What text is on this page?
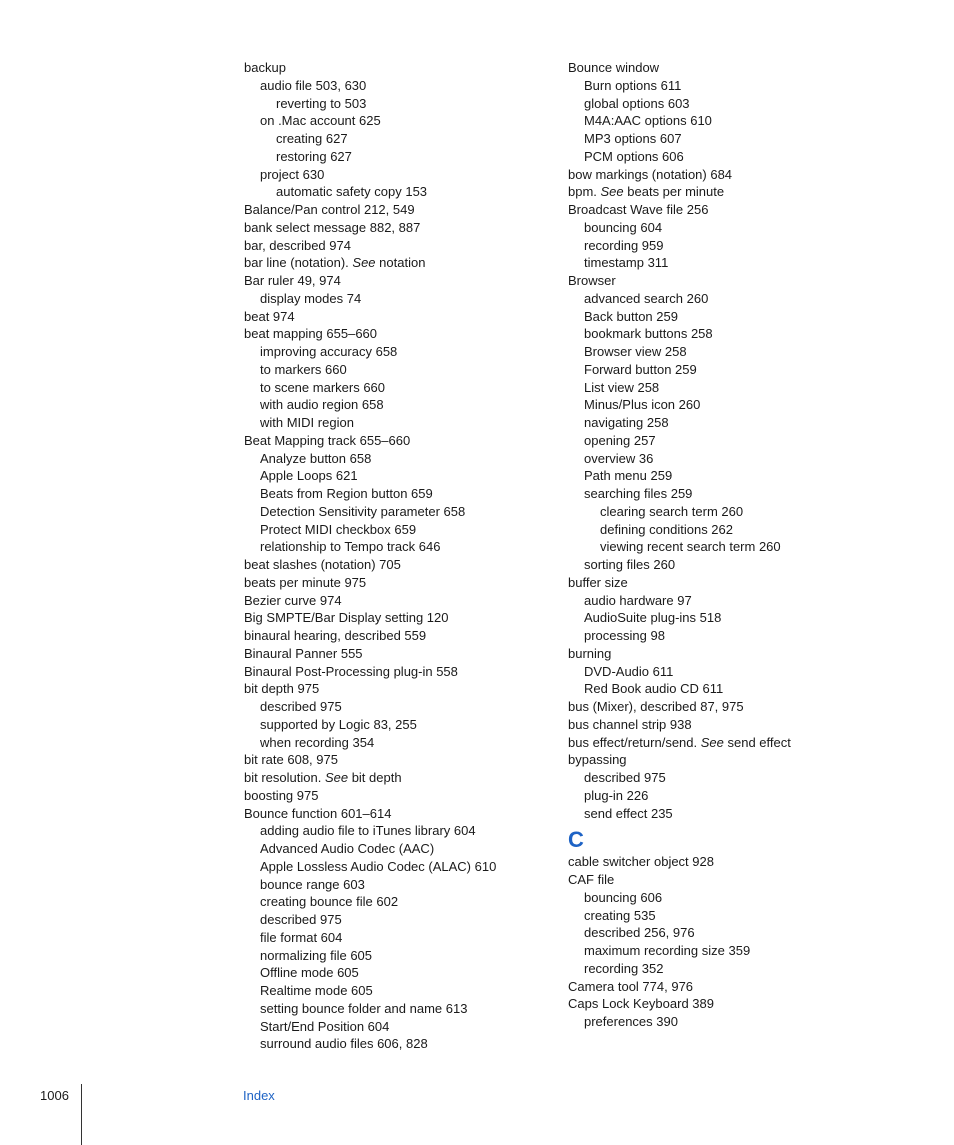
backup
audio file 503, 630
reverting to 503
on .Mac account 625
creating 627
restoring 627
project 630
automatic safety copy 153
Balance/Pan control 212, 549
bank select message 882, 887
bar, described 974
bar line (notation). See notation
Bar ruler 49, 974
display modes 74
beat 974
beat mapping 655–660
improving accuracy 658
to markers 660
to scene markers 660
with audio region 658
with MIDI region
Beat Mapping track 655–660
Analyze button 658
Apple Loops 621
Beats from Region button 659
Detection Sensitivity parameter 658
Protect MIDI checkbox 659
relationship to Tempo track 646
beat slashes (notation) 705
beats per minute 975
Bezier curve 974
Big SMPTE/Bar Display setting 120
binaural hearing, described 559
Binaural Panner 555
Binaural Post-Processing plug-in 558
bit depth 975
described 975
supported by Logic 83, 255
when recording 354
bit rate 608, 975
bit resolution. See bit depth
boosting 975
Bounce function 601–614
adding audio file to iTunes library 604
Advanced Audio Codec (AAC)
Apple Lossless Audio Codec (ALAC) 610
bounce range 603
creating bounce file 602
described 975
file format 604
normalizing file 605
Offline mode 605
Realtime mode 605
setting bounce folder and name 613
Start/End Position 604
surround audio files 606, 828
Bounce window
Burn options 611
global options 603
M4A:AAC options 610
MP3 options 607
PCM options 606
bow markings (notation) 684
bpm. See beats per minute
Broadcast Wave file 256
bouncing 604
recording 959
timestamp 311
Browser
advanced search 260
Back button 259
bookmark buttons 258
Browser view 258
Forward button 259
List view 258
Minus/Plus icon 260
navigating 258
opening 257
overview 36
Path menu 259
searching files 259
clearing search term 260
defining conditions 262
viewing recent search term 260
sorting files 260
buffer size
audio hardware 97
AudioSuite plug-ins 518
processing 98
burning
DVD-Audio 611
Red Book audio CD 611
bus (Mixer), described 87, 975
bus channel strip 938
bus effect/return/send. See send effect
bypassing
described 975
plug-in 226
send effect 235
C
cable switcher object 928
CAF file
bouncing 606
creating 535
described 256, 976
maximum recording size 359
recording 352
Camera tool 774, 976
Caps Lock Keyboard 389
preferences 390
1006	Index
